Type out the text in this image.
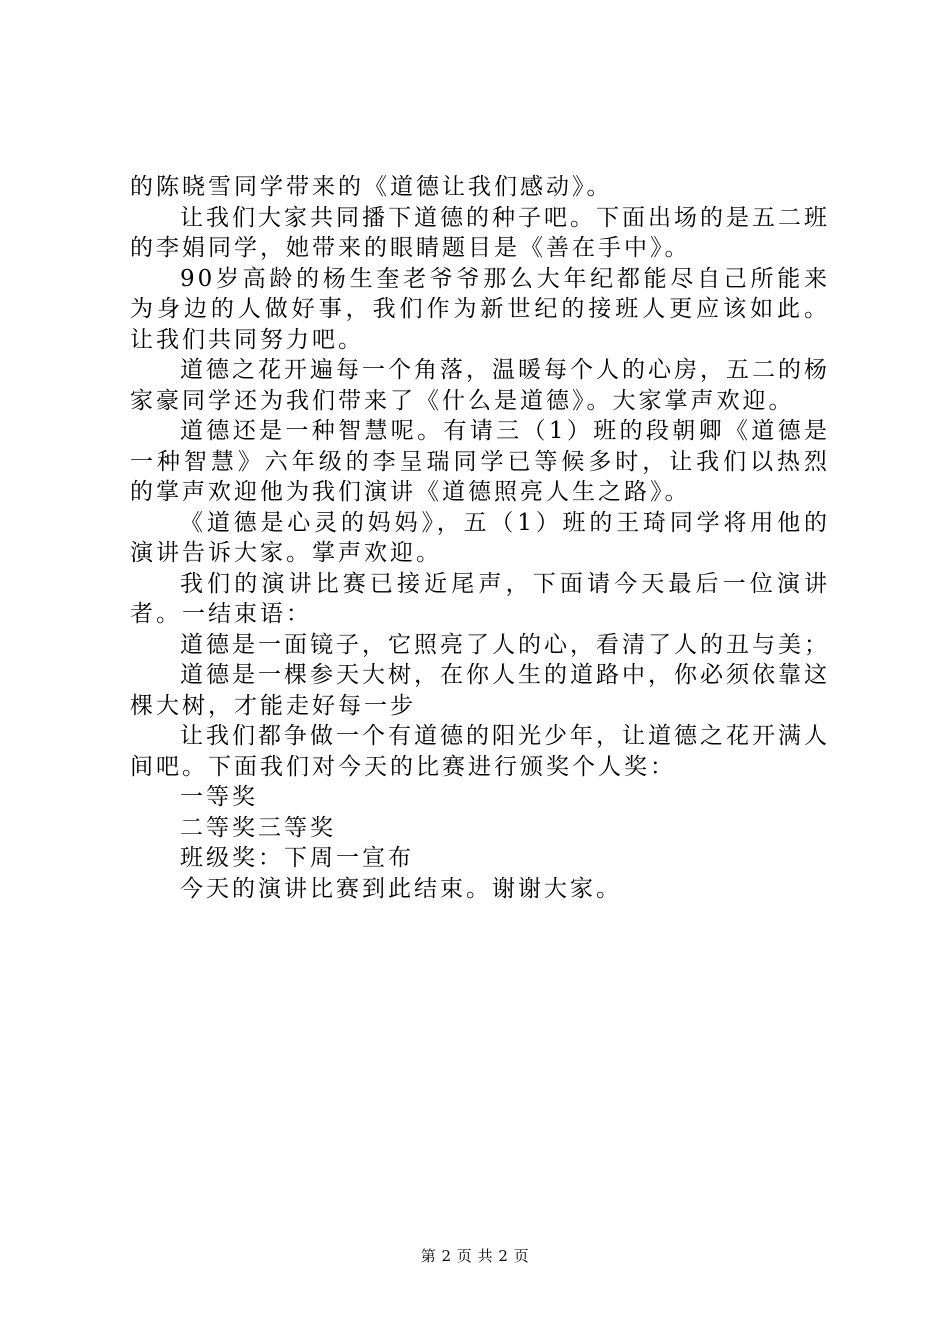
的陈晓雪同学带来的《道德让我们感动》。

让我们大家共同播下道德的种子吧。下面出场的是五二班的李娟同学，她带来的眼睛题目是《善在手中》。

90岁高龄的杨生奎老爷爷那么大年纪都能尽自己所能来为身边的人做好事，我们作为新世纪的接班人更应该如此。让我们共同努力吧。

道德之花开遍每一个角落，温暖每个人的心房，五二的杨家豪同学还为我们带来了《什么是道德》。大家掌声欢迎。

道德还是一种智慧呢。有请三（1）班的段朝卿《道德是一种智慧》六年级的李呈瑞同学已等候多时，让我们以热烈的掌声欢迎他为我们演讲《道德照亮人生之路》。

《道德是心灵的妈妈》，五（1）班的王琦同学将用他的演讲告诉大家。掌声欢迎。

我们的演讲比赛已接近尾声，下面请今天最后一位演讲者。一结束语：

道德是一面镜子，它照亮了人的心，看清了人的丑与美；

道德是一棵参天大树，在你人生的道路中，你必须依靠这棵大树，才能走好每一步

让我们都争做一个有道德的阳光少年，让道德之花开满人间吧。下面我们对今天的比赛进行颁奖个人奖：

一等奖

二等奖三等奖

班级奖：下周一宣布

今天的演讲比赛到此结束。谢谢大家。

第 2 页 共 2 页
